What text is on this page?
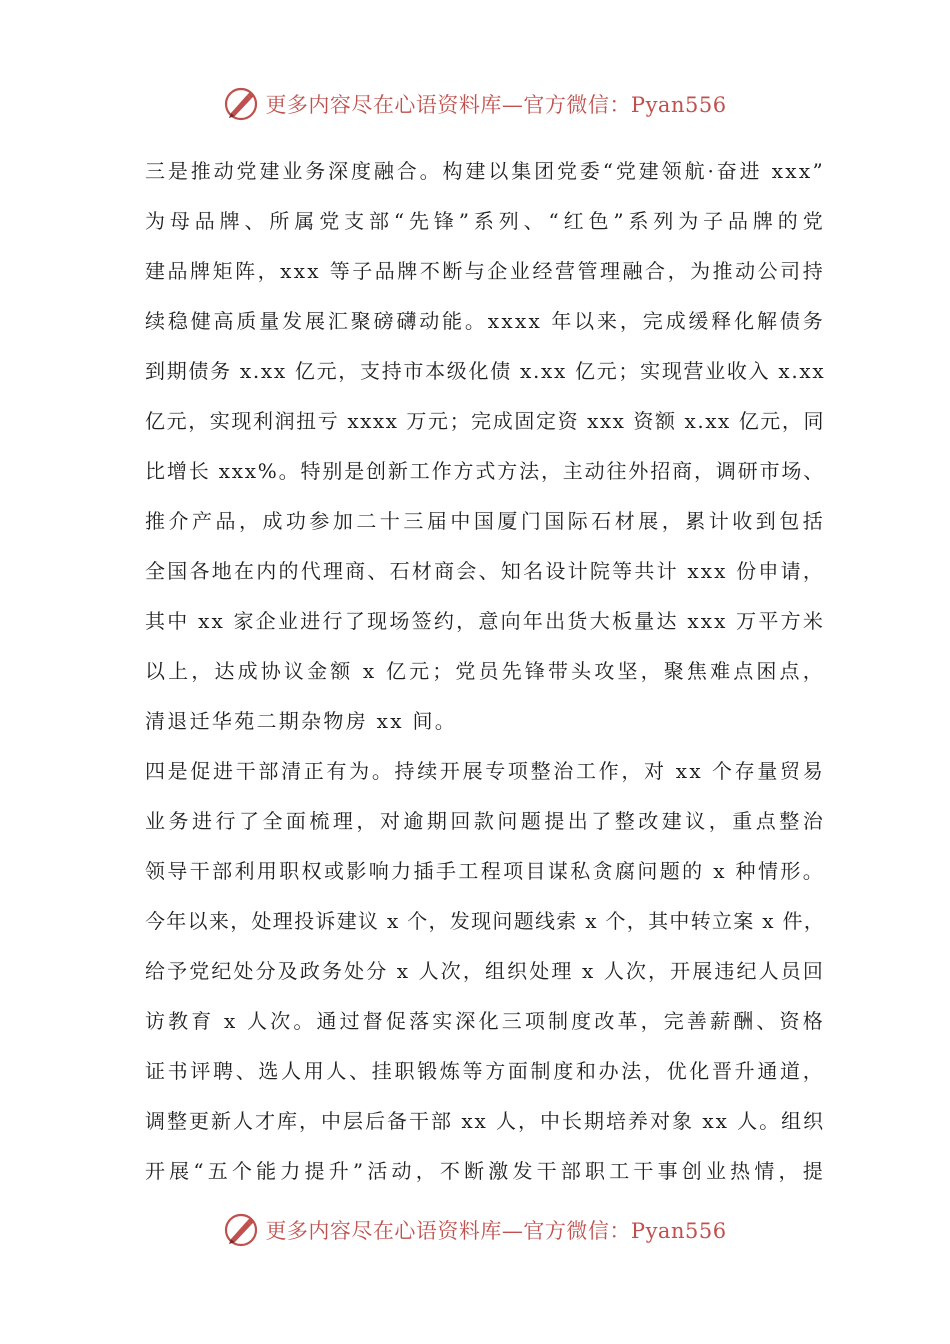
更多内容尽在心语资料库—官方微信：Pyan556
三是推动党建业务深度融合。构建以集团党委“党建领航·奋进 xxx”
为母品牌、所属党支部“先锋”系列、“红色”系列为子品牌的党
建品牌矩阵，xxx 等子品牌不断与企业经营管理融合，为推动公司持
续稳健高质量发展汇聚磅礴动能。xxxx 年以来，完成缓释化解债务
到期债务 x.xx 亿元，支持市本级化债 x.xx 亿元；实现营业收入 x.xx
亿元，实现利润扭亏 xxxx 万元；完成固定资 xxx 资额 x.xx 亿元，同
比增长 xxx%。特别是创新工作方式方法，主动往外招商，调研市场、
推介产品，成功参加二十三届中国厦门国际石材展，累计收到包括
全国各地在内的代理商、石材商会、知名设计院等共计 xxx 份申请，
其中 xx 家企业进行了现场签约，意向年出货大板量达 xxx 万平方米
以上，达成协议金额 x 亿元；党员先锋带头攻坚，聚焦难点困点，
清退迁华苑二期杂物房 xx 间。
四是促进干部清正有为。持续开展专项整治工作，对 xx 个存量贸易
业务进行了全面梳理，对逾期回款问题提出了整改建议，重点整治
领导干部利用职权或影响力插手工程项目谋私贪腐问题的 x 种情形。
今年以来，处理投诉建议 x 个，发现问题线索 x 个，其中转立案 x 件，
给予党纪处分及政务处分 x 人次，组织处理 x 人次，开展违纪人员回
访教育 x 人次。通过督促落实深化三项制度改革，完善薪酬、资格
证书评聘、选人用人、挂职锻炼等方面制度和办法，优化晋升通道，
调整更新人才库，中层后备干部 xx 人，中长期培养对象 xx 人。组织
开展“五个能力提升”活动，不断激发干部职工干事创业热情，提
更多内容尽在心语资料库—官方微信：Pyan556
